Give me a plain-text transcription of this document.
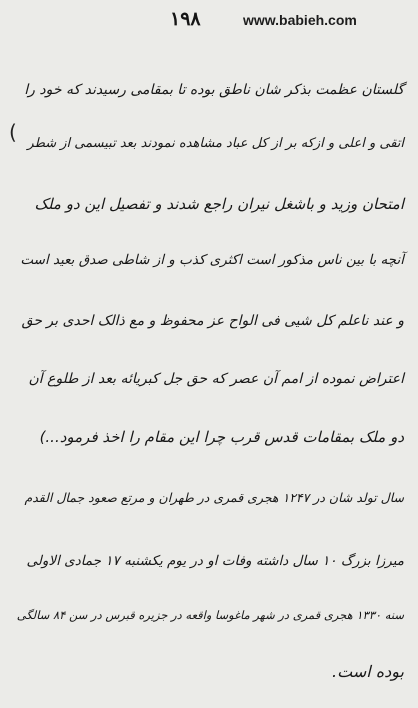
۱۹۸	www.babieh.com
(
گلستان عظمت بذکر شان ناطق بوده تا بمقامی رسیدند که خود را
اتقی و اعلی و ازکه بر از کل عباد مشاهده نمودند بعد تبیسمی از شطر
امتحان وزید و باشغل نیران راجع شدند و تفصیل این دو ملک
آنچه با بین ناس مذکور است اکثری کذب و از شاطی صدق بعید است
و عند ناعلم کل شیی فی الواح عز محفوظ و مع ذالک احدی بر حق
اعتراض نموده از امم آن عصر که حق جل کبریائه بعد از طلوع آن
دو ملک بمقامات قدس قرب چرا این مقام را اخذ فرمود...)
سال تولد شان در ۱۲۴۷ هجری قمری در طهران و مرتع صعود جمال القدم
میرزا بزرگ ۱۰ سال داشته وفات او در یوم یکشنبه ۱۷ جمادی الاولی
سنه ۱۳۳۰ هجری قمری در شهر ماغوسا واقعه در جزیره قبرس در سن ۸۴ سالگی
بوده است.
